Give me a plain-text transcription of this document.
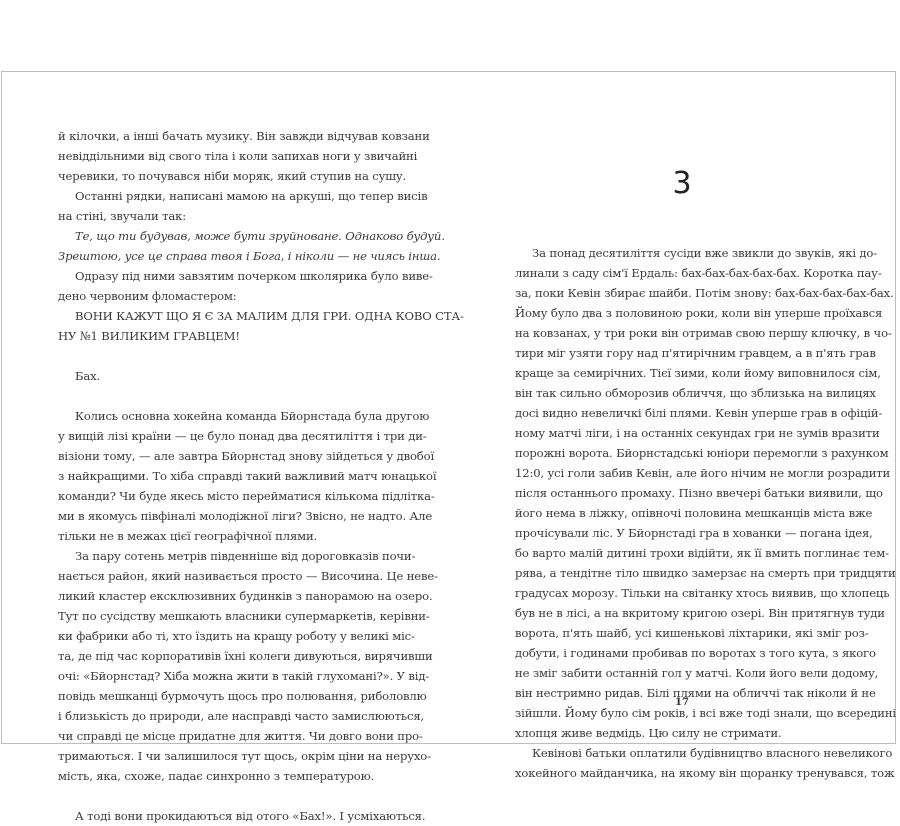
й кілочки, а інші бачать музику. Він завжди відчував ковзани
невіддільними від свого тіла і коли запихав ноги у звичайні
черевики, то почувався ніби моряк, який ступив на сушу.

Останні рядки, написані мамою на аркуші, що тепер висів
на стіні, звучали так:

Те, що ти будував, може бути зруйноване. Однаково будуй.
Зрештою, усе це справа твоя і Бога, і ніколи — не чиясь інша.

Одразу під ними завзятим почерком школярика було виве-
дено червоним фломастером:

ВОНИ КАЖУТ ЩО Я Є ЗА МАЛИМ ДЛЯ ГРИ. ОДНА КОВО СТА-
НУ №1 ВИЛИКИМ ГРАВЦЕМ!

Бах.

Колись основна хокейна команда Бйорнстада була другою
у вищій лізі країни — це було понад два десятиліття і три ди-
візіони тому, — але завтра Бйорнстад знову зійдеться у двобої
з найкращими. То хіба справді такий важливий матч юнацької
команди? Чи буде якесь місто перейматися кількома підлітка-
ми в якомусь півфіналі молодіжної ліги? Звісно, не надто. Але
тільки не в межах цієї географічної плями.

За пару сотень метрів південніше від дороговказів почи-
нається район, який називається просто — Височина. Це неве-
ликий кластер ексклюзивних будинків з панорамою на озеро.
Тут по сусідству мешкають власники супермаркетів, керівни-
ки фабрики або ті, хто їздить на кращу роботу у великі міс-
та, де під час корпоративів їхні колеги дивуються, вирячивши
очі: «Бйорнстад? Хіба можна жити в такій глухомані?». У від-
повідь мешканці бурмочуть щось про полювання, риболовлю
і близькість до природи, але насправді часто замислюються,
чи справді це місце придатне для життя. Чи довго вони про-
тримаються. І чи залишилося тут щось, окрім ціни на нерухо-
мість, яка, схоже, падає синхронно з температурою.

А тоді вони прокидаються від отого «Бах!». І усміхаються.

3

За понад десятиліття сусіди вже звикли до звуків, які до-
линали з саду сім'ї Ердаль: бах-бах-бах-бах-бах. Коротка пау-
за, поки Кевін збирає шайби. Потім знову: бах-бах-бах-бах-бах.
Йому було два з половиною роки, коли він уперше проїхався
на ковзанах, у три роки він отримав свою першу ключку, в чо-
тири міг узяти гору над п'ятирічним гравцем, а в п'ять грав
краще за семирічних. Тієї зими, коли йому виповнилося сім,
він так сильно обморозив обличчя, що зблизька на вилицях
досі видно невеличкі білі плями. Кевін уперше грав в офіцій-
ному матчі ліги, і на останніх секундах гри не зумів вразити
порожні ворота. Бйорнстадські юніори перемогли з рахунком
12:0, усі голи забив Кевін, але його нічим не могли розрадити
після останнього промаху. Пізно ввечері батьки виявили, що
його нема в ліжку, опівночі половина мешканців міста вже
прочісували ліс. У Бйорнстаді гра в хованки — погана ідея,
бо варто малій дитині трохи відійти, як її вмить поглинає тем-
рява, а тендітне тіло швидко замерзає на смерть при тридцяти
градусах морозу. Тільки на світанку хтось виявив, що хлопець
був не в лісі, а на вкритому кригою озері. Він притягнув туди
ворота, п'ять шайб, усі кишенькові ліхтарики, які зміг роз-
добути, і годинами пробивав по воротах з того кута, з якого
не зміг забити останній гол у матчі. Коли його вели додому,
він нестримно ридав. Білі плями на обличчі так ніколи й не
зійшли. Йому було сім років, і всі вже тоді знали, що всередині
хлопця живе ведмідь. Цю силу не стримати.

Кевінові батьки оплатили будівництво власного невеликого
хокейного майданчика, на якому він щоранку тренувався, тож

17
